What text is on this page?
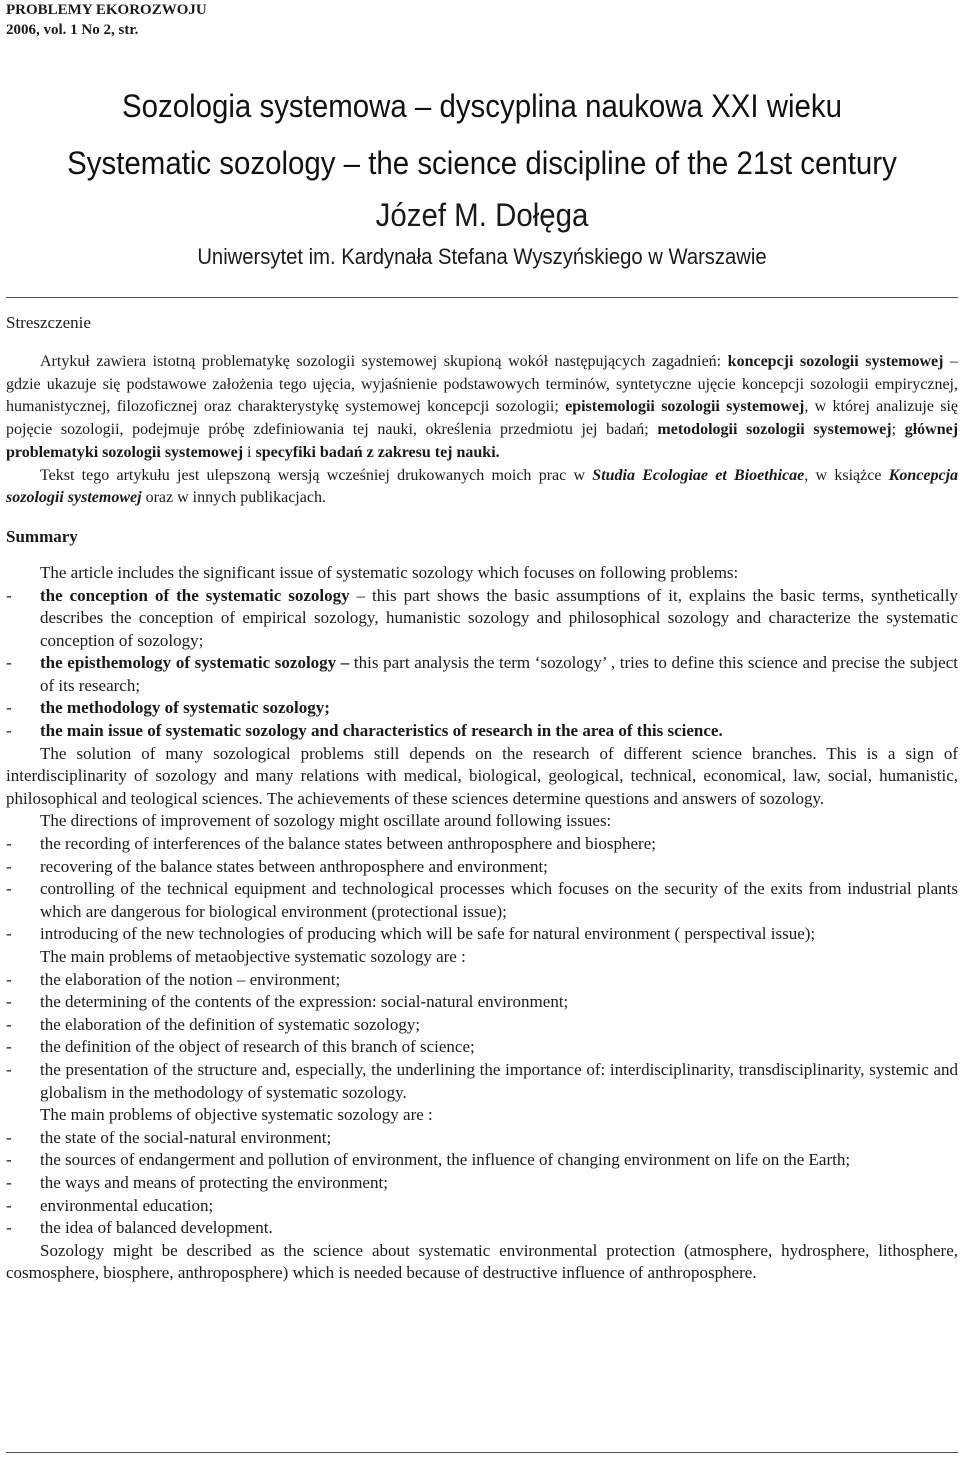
PROBLEMY EKOROZWOJU
2006, vol. 1 No 2, str.
Sozologia systemowa – dyscyplina naukowa XXI wieku
Systematic sozology – the science discipline of the 21st century
Józef M. Dołęga
Uniwersytet im. Kardynała Stefana Wyszyńskiego w Warszawie
Streszczenie

Artykuł zawiera istotną problematykę sozologii systemowej skupioną wokół następujących zagadnień: koncepcji sozologii systemowej – gdzie ukazuje się podstawowe założenia tego ujęcia, wyjaśnienie podstawowych terminów, syntetyczne ujęcie koncepcji sozologii empirycznej, humanistycznej, filozoficznej oraz charakterystykę systemowej koncepcji sozologii; epistemologii sozologii systemowej, w której analizuje się pojęcie sozologii, podejmuje próbę zdefiniowania tej nauki, określenia przedmiotu jej badań; metodologii sozologii systemowej; głównej problematyki sozologii systemowej i specyfiki badań z zakresu tej nauki.

Tekst tego artykułu jest ulepszoną wersją wcześniej drukowanych moich prac w Studia Ecologiae et Bioethicae, w książce Koncepcja sozologii systemowej oraz w innych publikacjach.

Summary

The article includes the significant issue of systematic sozology which focuses on following problems:

- the conception of the systematic sozology – this part shows the basic assumptions of it, explains the basic terms, synthetically describes the conception of empirical sozology, humanistic sozology and philosophical sozology and characterize the systematic conception of sozology;
- the episthemology of systematic sozology – this part analysis the term ‘sozology’ , tries to define this science and precise the subject of its research;
- the methodology of systematic sozology;
- the main issue of systematic sozology and characteristics of research in the area of this science.

The solution of many sozological problems still depends on the research of different science branches. This is a sign of interdisciplinarity of sozology and many relations with medical, biological, geological, technical, economical, law, social, humanistic, philosophical and teological sciences. The achievements of these sciences determine questions and answers of sozology.

The directions of improvement of sozology might oscillate around following issues:

- the recording of interferences of the balance states between anthroposphere and biosphere;
- recovering of the balance states between anthroposphere and environment;
- controlling of the technical equipment and technological processes which focuses on the security of the exits from industrial plants which are dangerous for biological environment (protectional issue);
- introducing of the new technologies of producing which will be safe for natural environment ( perspectival issue);

The main problems of metaobjective systematic sozology are :

- the elaboration of the notion – environment;
- the determining of the contents of the expression: social-natural environment;
- the elaboration of the definition of systematic sozology;
- the definition of the object of research of this branch of science;
- the presentation of the structure and, especially, the underlining the importance of: interdisciplinarity, transdisciplinarity, systemic and globalism in the methodology of systematic sozology.

The main problems of objective systematic sozology are :

- the state of the social-natural environment;
- the sources of endangerment and pollution of environment, the influence of changing environment on life on the Earth;
- the ways and means of protecting the environment;
- environmental education;
- the idea of balanced development.

Sozology might be described as the science about systematic environmental protection (atmosphere, hydrosphere, lithosphere, cosmosphere, biosphere, anthroposphere) which is needed because of destructive influence of anthroposphere.
